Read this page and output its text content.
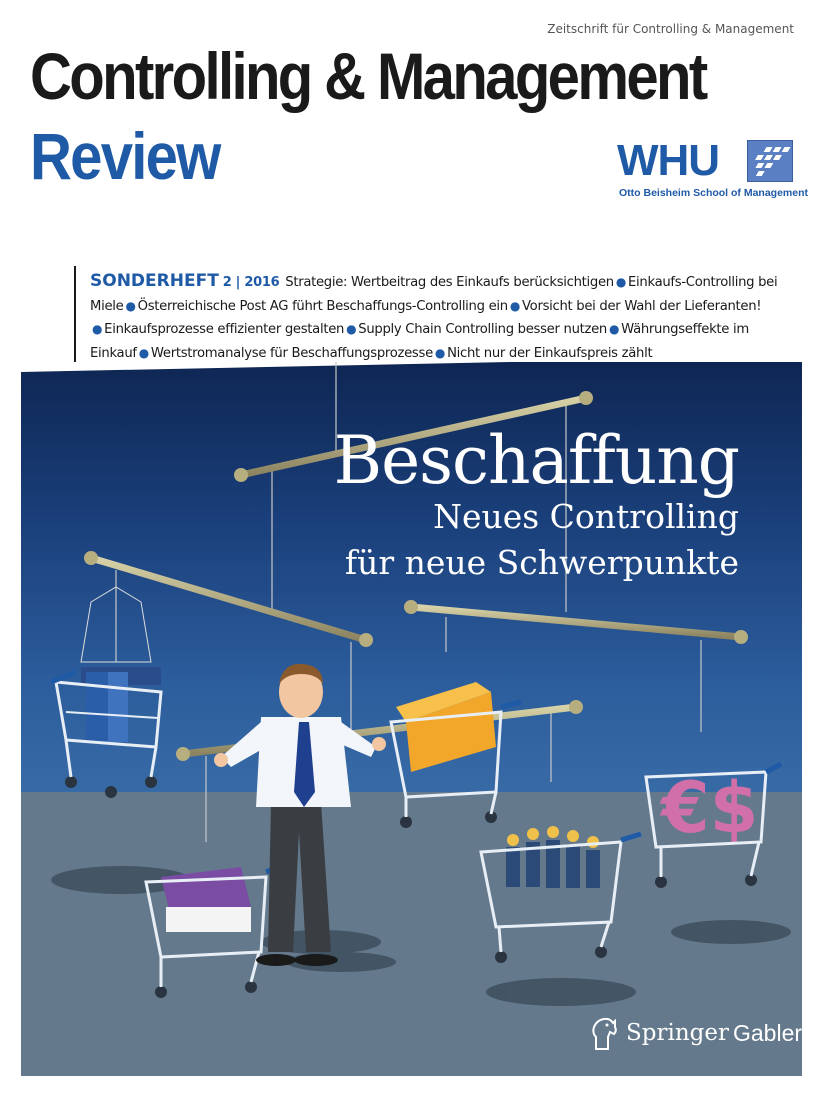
Zeitschrift für Controlling & Management
Controlling & Management
Review	WHU
Otto Beisheim School of Management
SONDERHEFT 2 | 2016 Strategie: Wertbeitrag des Einkaufs berücksichtigen ● Einkaufs-Controlling bei Miele ● Österreichische Post AG führt Beschaffungs-Controlling ein ● Vorsicht bei der Wahl der Lieferanten!● Einkaufsprozesse effizienter gestalten ● Supply Chain Controlling besser nutzen ● Währungseffekte im Einkauf ● Wertstromanalyse für Beschaffungsprozesse ● Nicht nur der Einkaufspreis zählt
€$
Beschaffung
Neues Controlling
für neue Schwerpunkte
Springer Gabler
